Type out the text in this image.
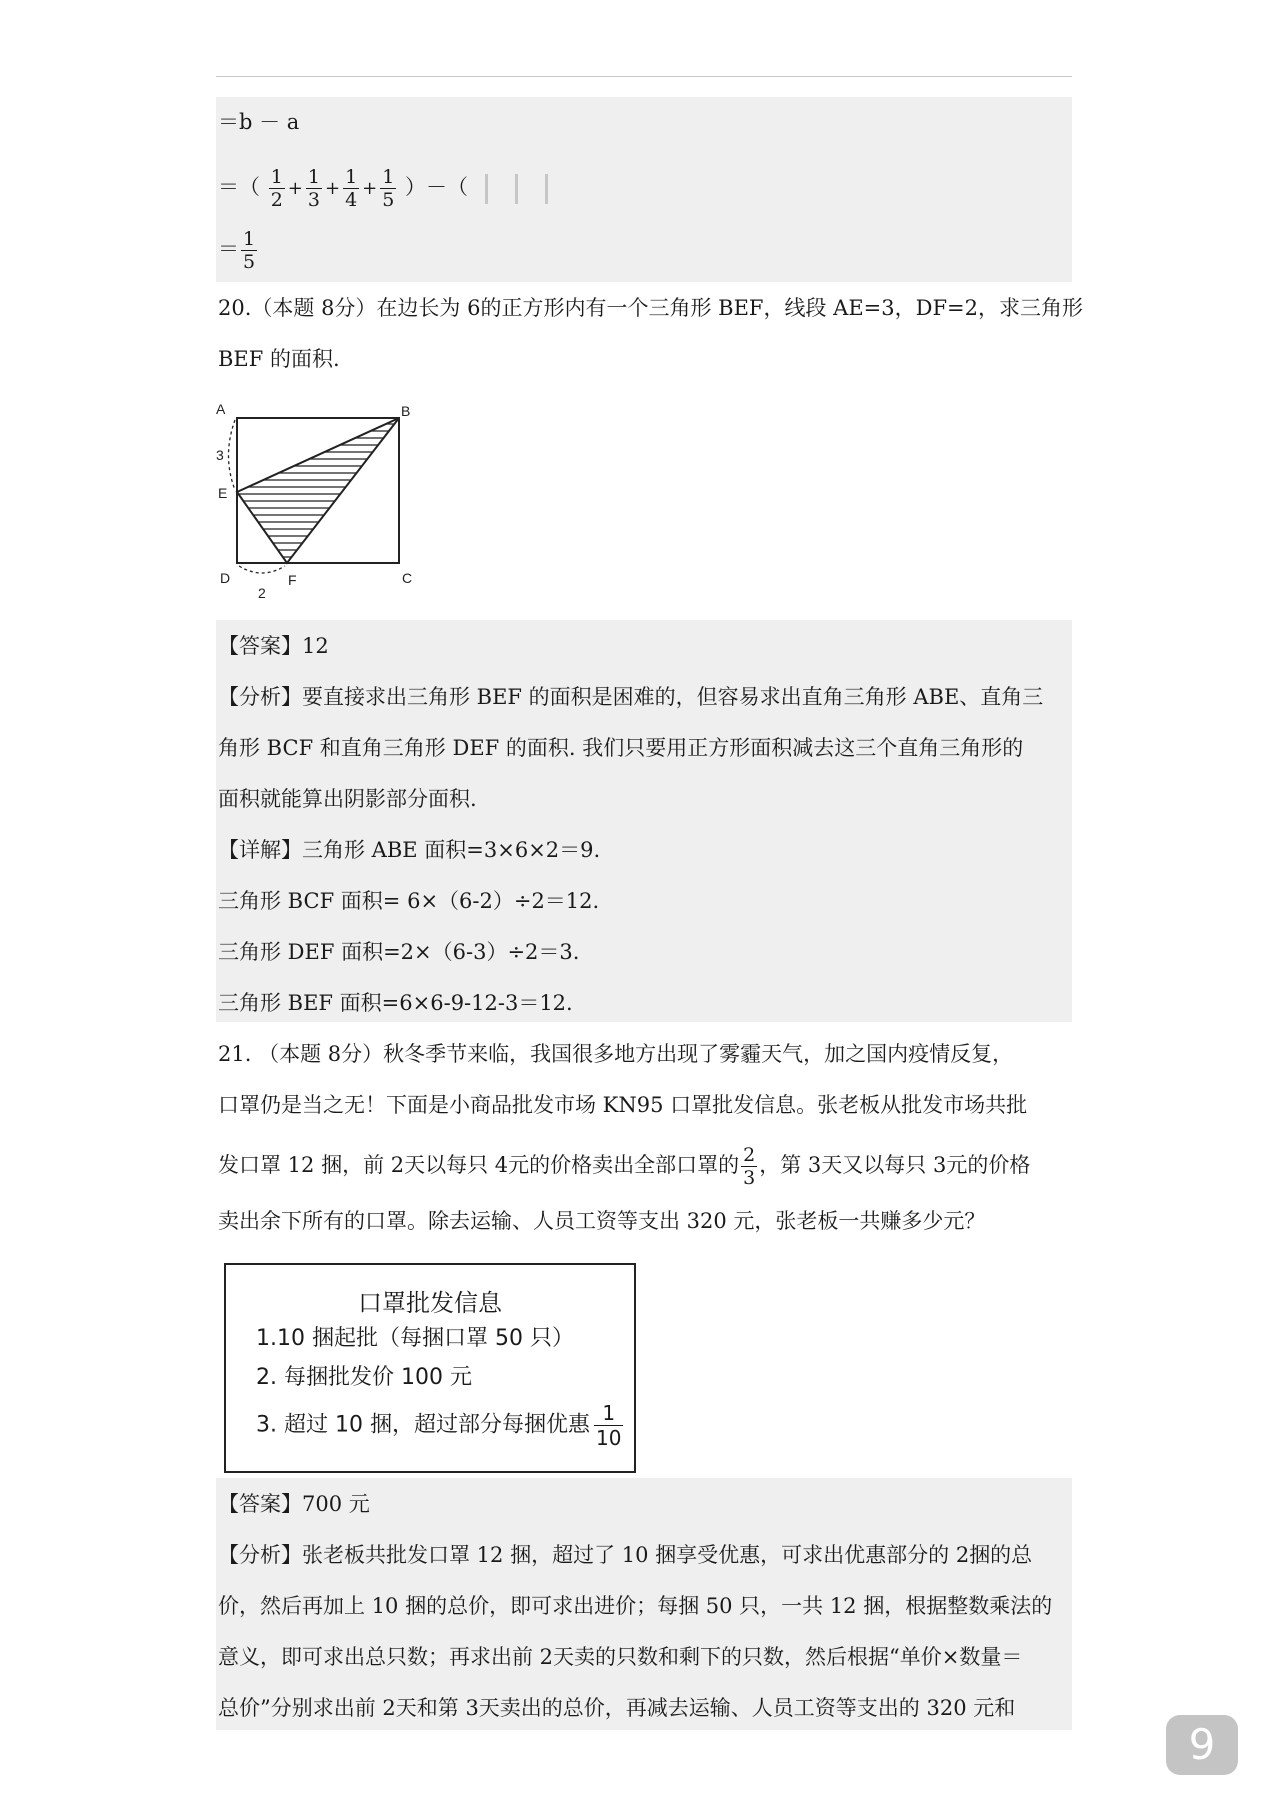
＝b － a
＝（ $\frac{1}{2} + \frac{1}{3} + \frac{1}{4} + \frac{1}{5}$ ）－（
＝ $\frac{1}{5}$
20.（本题 8分）在边长为 6的正方形内有一个三角形 BEF，线段 AE=3，DF=2，求三角形
BEF 的面积.
A	B
C
D
E
F
3
2
【答案】12
【分析】要直接求出三角形 BEF 的面积是困难的，但容易求出直角三角形 ABE、直角三
角形 BCF 和直角三角形 DEF 的面积. 我们只要用正方形面积减去这三个直角三角形的
面积就能算出阴影部分面积.
【详解】三角形 ABE 面积=3×6×2＝9.
三角形 BCF 面积= 6×（6-2）÷2＝12.
三角形 DEF 面积=2×（6-3）÷2＝3.
三角形 BEF 面积=6×6-9-12-3＝12.
21. （本题 8分）秋冬季节来临，我国很多地方出现了雾霾天气，加之国内疫情反复，
口罩仍是当之无！下面是小商品批发市场 KN95 口罩批发信息。张老板从批发市场共批
发口罩 12 捆，前 2天以每只 4元的价格卖出全部口罩的 $\frac{2}{3}$ ，第 3天又以每只 3元的价格
卖出余下所有的口罩。除去运输、人员工资等支出 320 元，张老板一共赚多少元？
口罩批发信息
1.10 捆起批（每捆口罩 50 只）
2. 每捆批发价 100 元
3. 超过 10 捆，超过部分每捆优惠 $\frac{1}{10}$
【答案】700 元
【分析】张老板共批发口罩 12 捆，超过了 10 捆享受优惠，可求出优惠部分的 2捆的总
价，然后再加上 10 捆的总价，即可求出进价；每捆 50 只，一共 12 捆，根据整数乘法的
意义，即可求出总只数；再求出前 2天卖的只数和剩下的只数，然后根据“单价×数量＝
总价”分别求出前 2天和第 3天卖出的总价，再减去运输、人员工资等支出的 320 元和
9
